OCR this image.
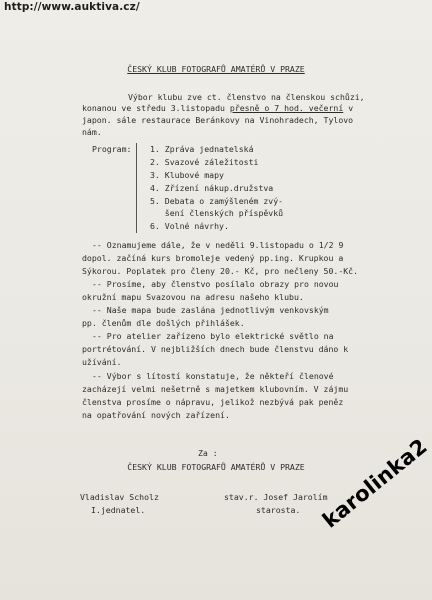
http://www.auktiva.cz/
ČESKÝ KLUB FOTOGRAFŮ AMATÉRŮ V PRAZE
Výbor klubu zve ct. členstvo na členskou schůzi,
konanou ve středu 3.listopadu přesně o 7 hod. večerní v
japon. sále restaurace Beránkovy na Vinohradech, Tylovo
nám.
Program: 1. Zpráva jednatelská
2. Svazové záležitosti
3. Klubové mapy
4. Zřízení nákup.družstva
5. Debata o zamýšleném zvý-
šení členských příspěvků
6. Volné návrhy.
-- Oznamujeme dále, že v neděli 9.listopadu o 1/2 9
dopol. začíná kurs bromoleje vedený pp.ing. Krupkou a
Sýkorou. Poplatek pro členy 20.- Kč, pro nečleny 50.-Kč.
-- Prosíme, aby členstvo posílalo obrazy pro novou
okružní mapu Svazovou na adresu našeho klubu.
-- Naše mapa bude zaslána jednotlivým venkovským
pp. členům dle došlých přihlášek.
-- Pro atelier zařízeno bylo elektrické světlo na
portrétování. V nejbližších dnech bude členstvu dáno k
užívání.
-- Výbor s lítostí konstatuje, že někteří členové
zacházejí velmi nešetrně s majetkem klubovním. V zájmu
členstva prosíme o nápravu, jelikož nezbývá pak peněz
na opatřování nových zařízení.
Za :
ČESKÝ KLUB FOTOGRAFŮ AMATÉRŮ V PRAZE
Vladislav Scholz
I.jednatel.
stav.r. Josef Jarolím
starosta. karolinka2
